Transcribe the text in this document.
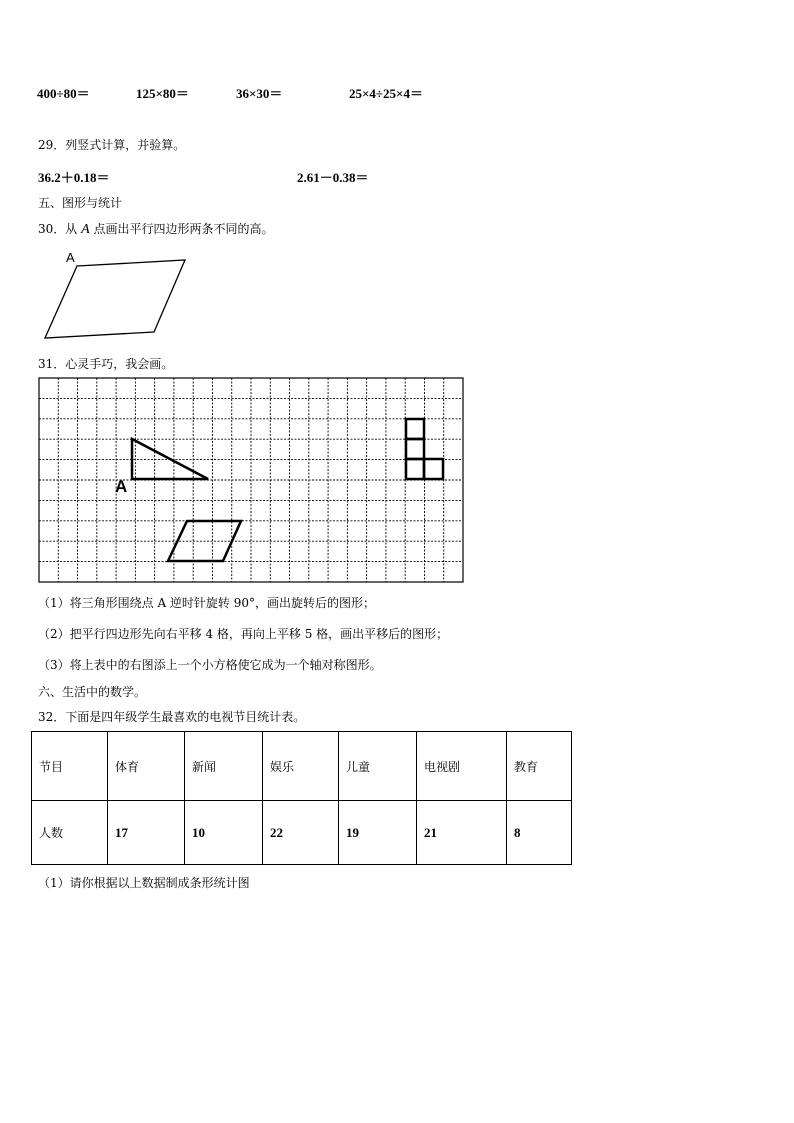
400÷80＝	125×80＝	36×30＝	25×4÷25×4＝
29．列竖式计算，并验算。
36.2＋0.18＝	2.61－0.38＝
五、图形与统计
30．从 A 点画出平行四边形两条不同的高。
A
31．心灵手巧，我会画。
A
（1）将三角形围绕点 A 逆时针旋转 90°，画出旋转后的图形；
（2）把平行四边形先向右平移 4 格，再向上平移 5 格，画出平移后的图形；
（3）将上表中的右图添上一个小方格使它成为一个轴对称图形。
六、生活中的数学。
32．下面是四年级学生最喜欢的电视节目统计表。
节目	体育	新闻	娱乐	儿童	电视剧	教育
人数	17	10	22	19	21	8
（1）请你根据以上数据制成条形统计图
